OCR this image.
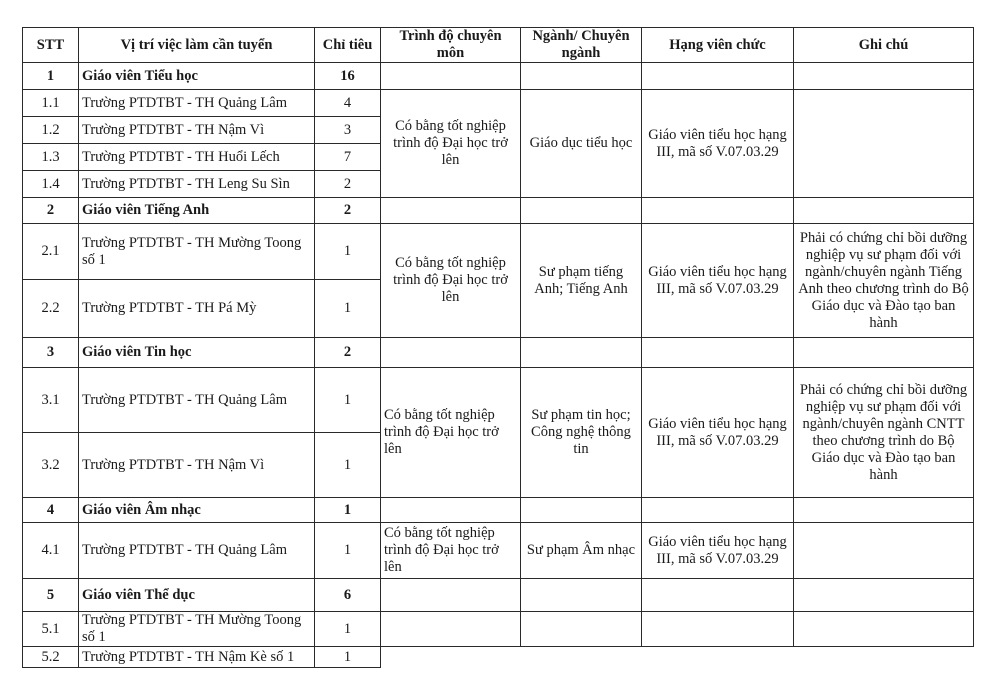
STT	Vị trí việc làm cần tuyển	Chỉ tiêu	Trình độ chuyên môn	Ngành/ Chuyên ngành	Hạng viên chức	Ghi chú
1	Giáo viên Tiểu học	16				
1.1	Trường PTDTBT - TH Quảng Lâm	4	Có bằng tốt nghiệp trình độ Đại học trở lên	Giáo dục tiểu học	Giáo viên tiểu học hạng III, mã số V.07.03.29	
1.2	Trường PTDTBT - TH Nậm Vì	3				
1.3	Trường PTDTBT - TH Huổi Lếch	7				
1.4	Trường PTDTBT - TH Leng Su Sìn	2				
2	Giáo viên Tiếng Anh	2				
2.1	Trường PTDTBT - TH Mường Toong số 1	1	Có bằng tốt nghiệp trình độ Đại học trở lên	Sư phạm tiếng Anh; Tiếng Anh	Giáo viên tiểu học hạng III, mã số V.07.03.29	Phải có chứng chỉ bồi dưỡng nghiệp vụ sư phạm đối với ngành/chuyên ngành Tiếng Anh theo chương trình do Bộ Giáo dục và Đào tạo ban hành
2.2	Trường PTDTBT - TH Pá Mỳ	1				
3	Giáo viên Tin học	2				
3.1	Trường PTDTBT - TH Quảng Lâm	1	Có bằng tốt nghiệp trình độ Đại học trở lên	Sư phạm tin học; Công nghệ thông tin	Giáo viên tiểu học hạng III, mã số V.07.03.29	Phải có chứng chỉ bồi dưỡng nghiệp vụ sư phạm đối với ngành/chuyên ngành CNTT theo chương trình do Bộ Giáo dục và Đào tạo ban hành
3.2	Trường PTDTBT - TH Nậm Vì	1				
4	Giáo viên Âm nhạc	1				
4.1	Trường PTDTBT - TH Quảng Lâm	1	Có bằng tốt nghiệp trình độ Đại học trở lên	Sư phạm Âm nhạc	Giáo viên tiểu học hạng III, mã số V.07.03.29	
5	Giáo viên Thể dục	6				
5.1	Trường PTDTBT - TH Mường Toong số 1	1				
5.2	Trường PTDTBT - TH Nậm Kè số 1	1				
